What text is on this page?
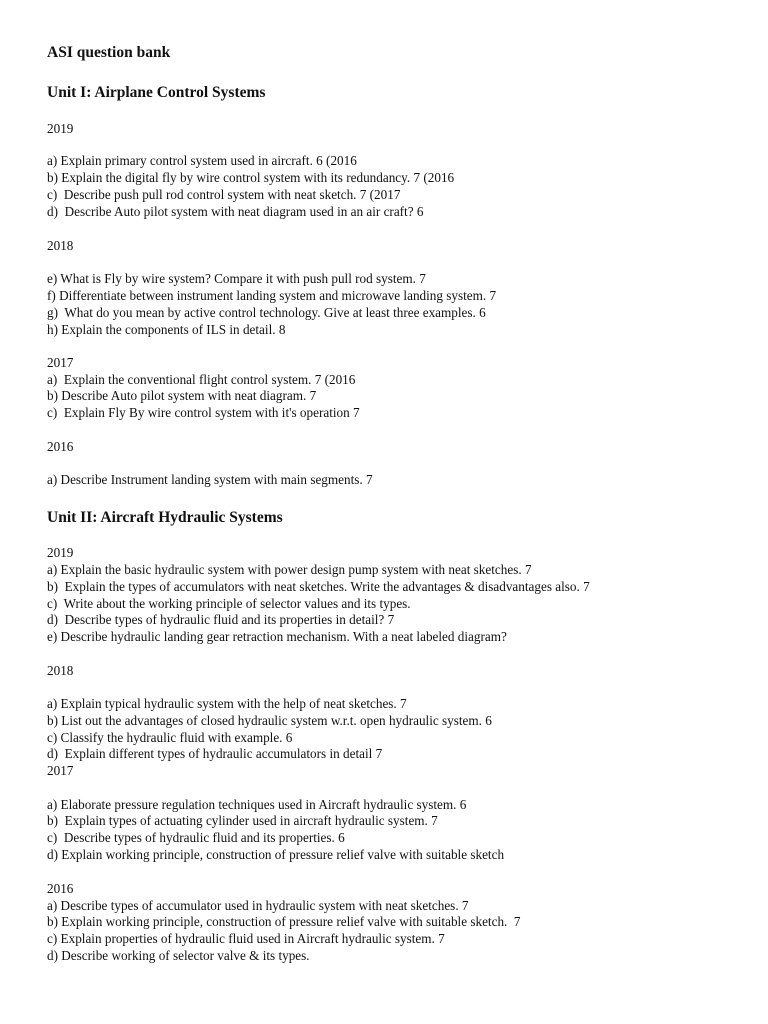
ASI question bank
Unit I: Airplane Control Systems
2019
a) Explain primary control system used in aircraft. 6 (2016
b) Explain the digital fly by wire control system with its redundancy. 7 (2016
c)  Describe push pull rod control system with neat sketch. 7 (2017
d)  Describe Auto pilot system with neat diagram used in an air craft? 6
2018
e) What is Fly by wire system? Compare it with push pull rod system. 7
f) Differentiate between instrument landing system and microwave landing system. 7
g)  What do you mean by active control technology. Give at least three examples. 6
h) Explain the components of ILS in detail. 8
2017
a)  Explain the conventional flight control system. 7 (2016
b) Describe Auto pilot system with neat diagram. 7
c)  Explain Fly By wire control system with it's operation 7
2016
a) Describe Instrument landing system with main segments. 7
Unit II: Aircraft Hydraulic Systems
2019
a) Explain the basic hydraulic system with power design pump system with neat sketches. 7
b)  Explain the types of accumulators with neat sketches. Write the advantages & disadvantages also. 7
c)  Write about the working principle of selector values and its types.
d)  Describe types of hydraulic fluid and its properties in detail? 7
e) Describe hydraulic landing gear retraction mechanism. With a neat labeled diagram?
2018
a) Explain typical hydraulic system with the help of neat sketches. 7
b) List out the advantages of closed hydraulic system w.r.t. open hydraulic system. 6
c) Classify the hydraulic fluid with example. 6
d)  Explain different types of hydraulic accumulators in detail 7
2017
a) Elaborate pressure regulation techniques used in Aircraft hydraulic system. 6
b)  Explain types of actuating cylinder used in aircraft hydraulic system. 7
c)  Describe types of hydraulic fluid and its properties. 6
d) Explain working principle, construction of pressure relief valve with suitable sketch
2016
a) Describe types of accumulator used in hydraulic system with neat sketches. 7
b) Explain working principle, construction of pressure relief valve with suitable sketch.  7
c) Explain properties of hydraulic fluid used in Aircraft hydraulic system. 7
d) Describe working of selector valve & its types.
